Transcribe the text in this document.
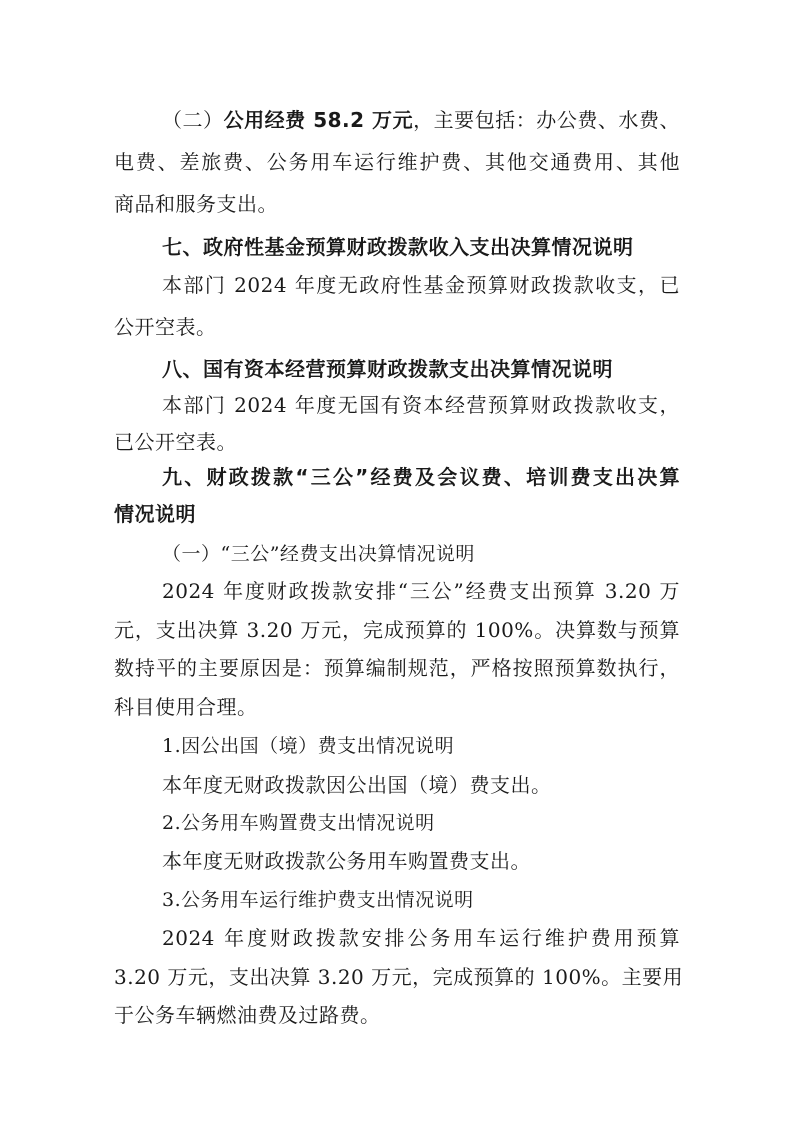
（二）公用经费 58.2 万元，主要包括：办公费、水费、
电费、差旅费、公务用车运行维护费、其他交通费用、其他
商品和服务支出。
七、政府性基金预算财政拨款收入支出决算情况说明
本部门 2024 年度无政府性基金预算财政拨款收支，已
公开空表。
八、国有资本经营预算财政拨款支出决算情况说明
本部门 2024 年度无国有资本经营预算财政拨款收支，
已公开空表。
九、财政拨款“三公”经费及会议费、培训费支出决算
情况说明
（一）“三公”经费支出决算情况说明
2024 年度财政拨款安排“三公”经费支出预算 3.20 万
元，支出决算 3.20 万元，完成预算的 100%。决算数与预算
数持平的主要原因是：预算编制规范，严格按照预算数执行，
科目使用合理。
1.因公出国（境）费支出情况说明
本年度无财政拨款因公出国（境）费支出。
2.公务用车购置费支出情况说明
本年度无财政拨款公务用车购置费支出。
3.公务用车运行维护费支出情况说明
2024 年度财政拨款安排公务用车运行维护费用预算
3.20 万元，支出决算 3.20 万元，完成预算的 100%。主要用
于公务车辆燃油费及过路费。
